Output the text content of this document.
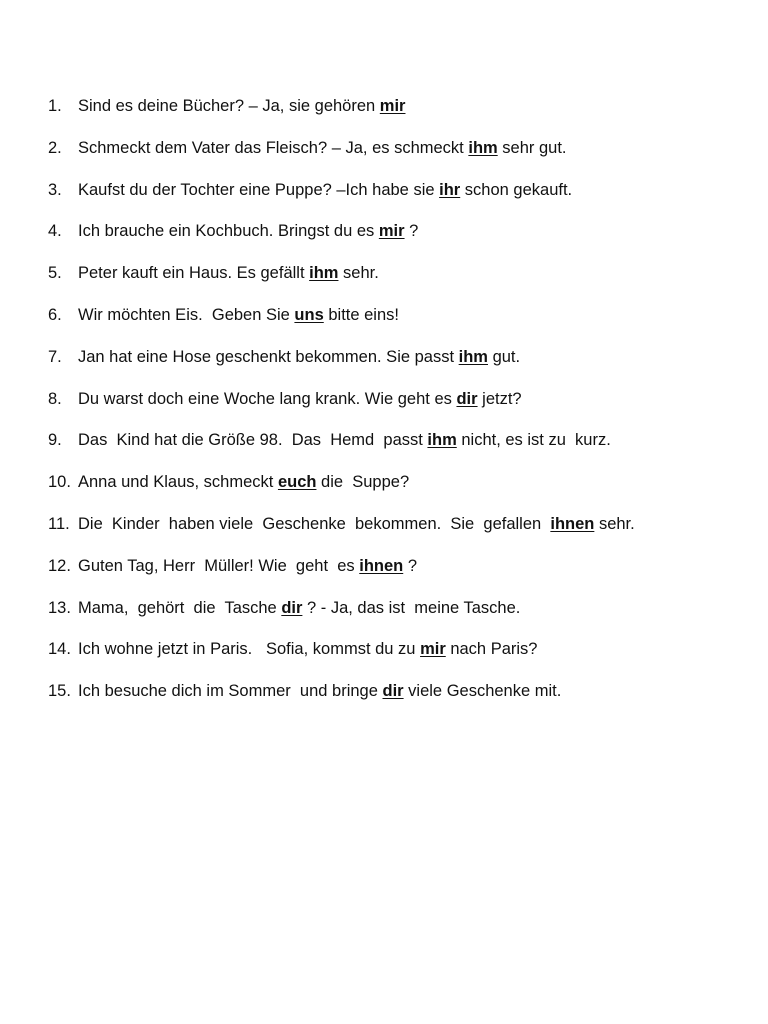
1. Sind es deine Bücher? – Ja, sie gehören mir
2. Schmeckt dem Vater das Fleisch? – Ja, es schmeckt ihm sehr gut.
3. Kaufst du der Tochter eine Puppe? –Ich habe sie ihr schon gekauft.
4. Ich brauche ein Kochbuch. Bringst du es mir ?
5. Peter kauft ein Haus. Es gefällt ihm sehr.
6. Wir möchten Eis.  Geben Sie uns bitte eins!
7. Jan hat eine Hose geschenkt bekommen. Sie passt ihm gut.
8. Du warst doch eine Woche lang krank. Wie geht es dir jetzt?
9. Das  Kind hat die Größe 98.  Das  Hemd  passt ihm nicht, es ist zu  kurz.
10. Anna und Klaus, schmeckt euch die  Suppe?
11. Die  Kinder  haben viele  Geschenke  bekommen.  Sie  gefallen  ihnen sehr.
12. Guten Tag, Herr  Müller! Wie  geht  es ihnen ?
13. Mama,  gehört  die  Tasche dir ? - Ja, das ist  meine Tasche.
14. Ich wohne jetzt in Paris.   Sofia, kommst du zu mir nach Paris?
15. Ich besuche dich im Sommer  und bringe dir viele Geschenke mit.
